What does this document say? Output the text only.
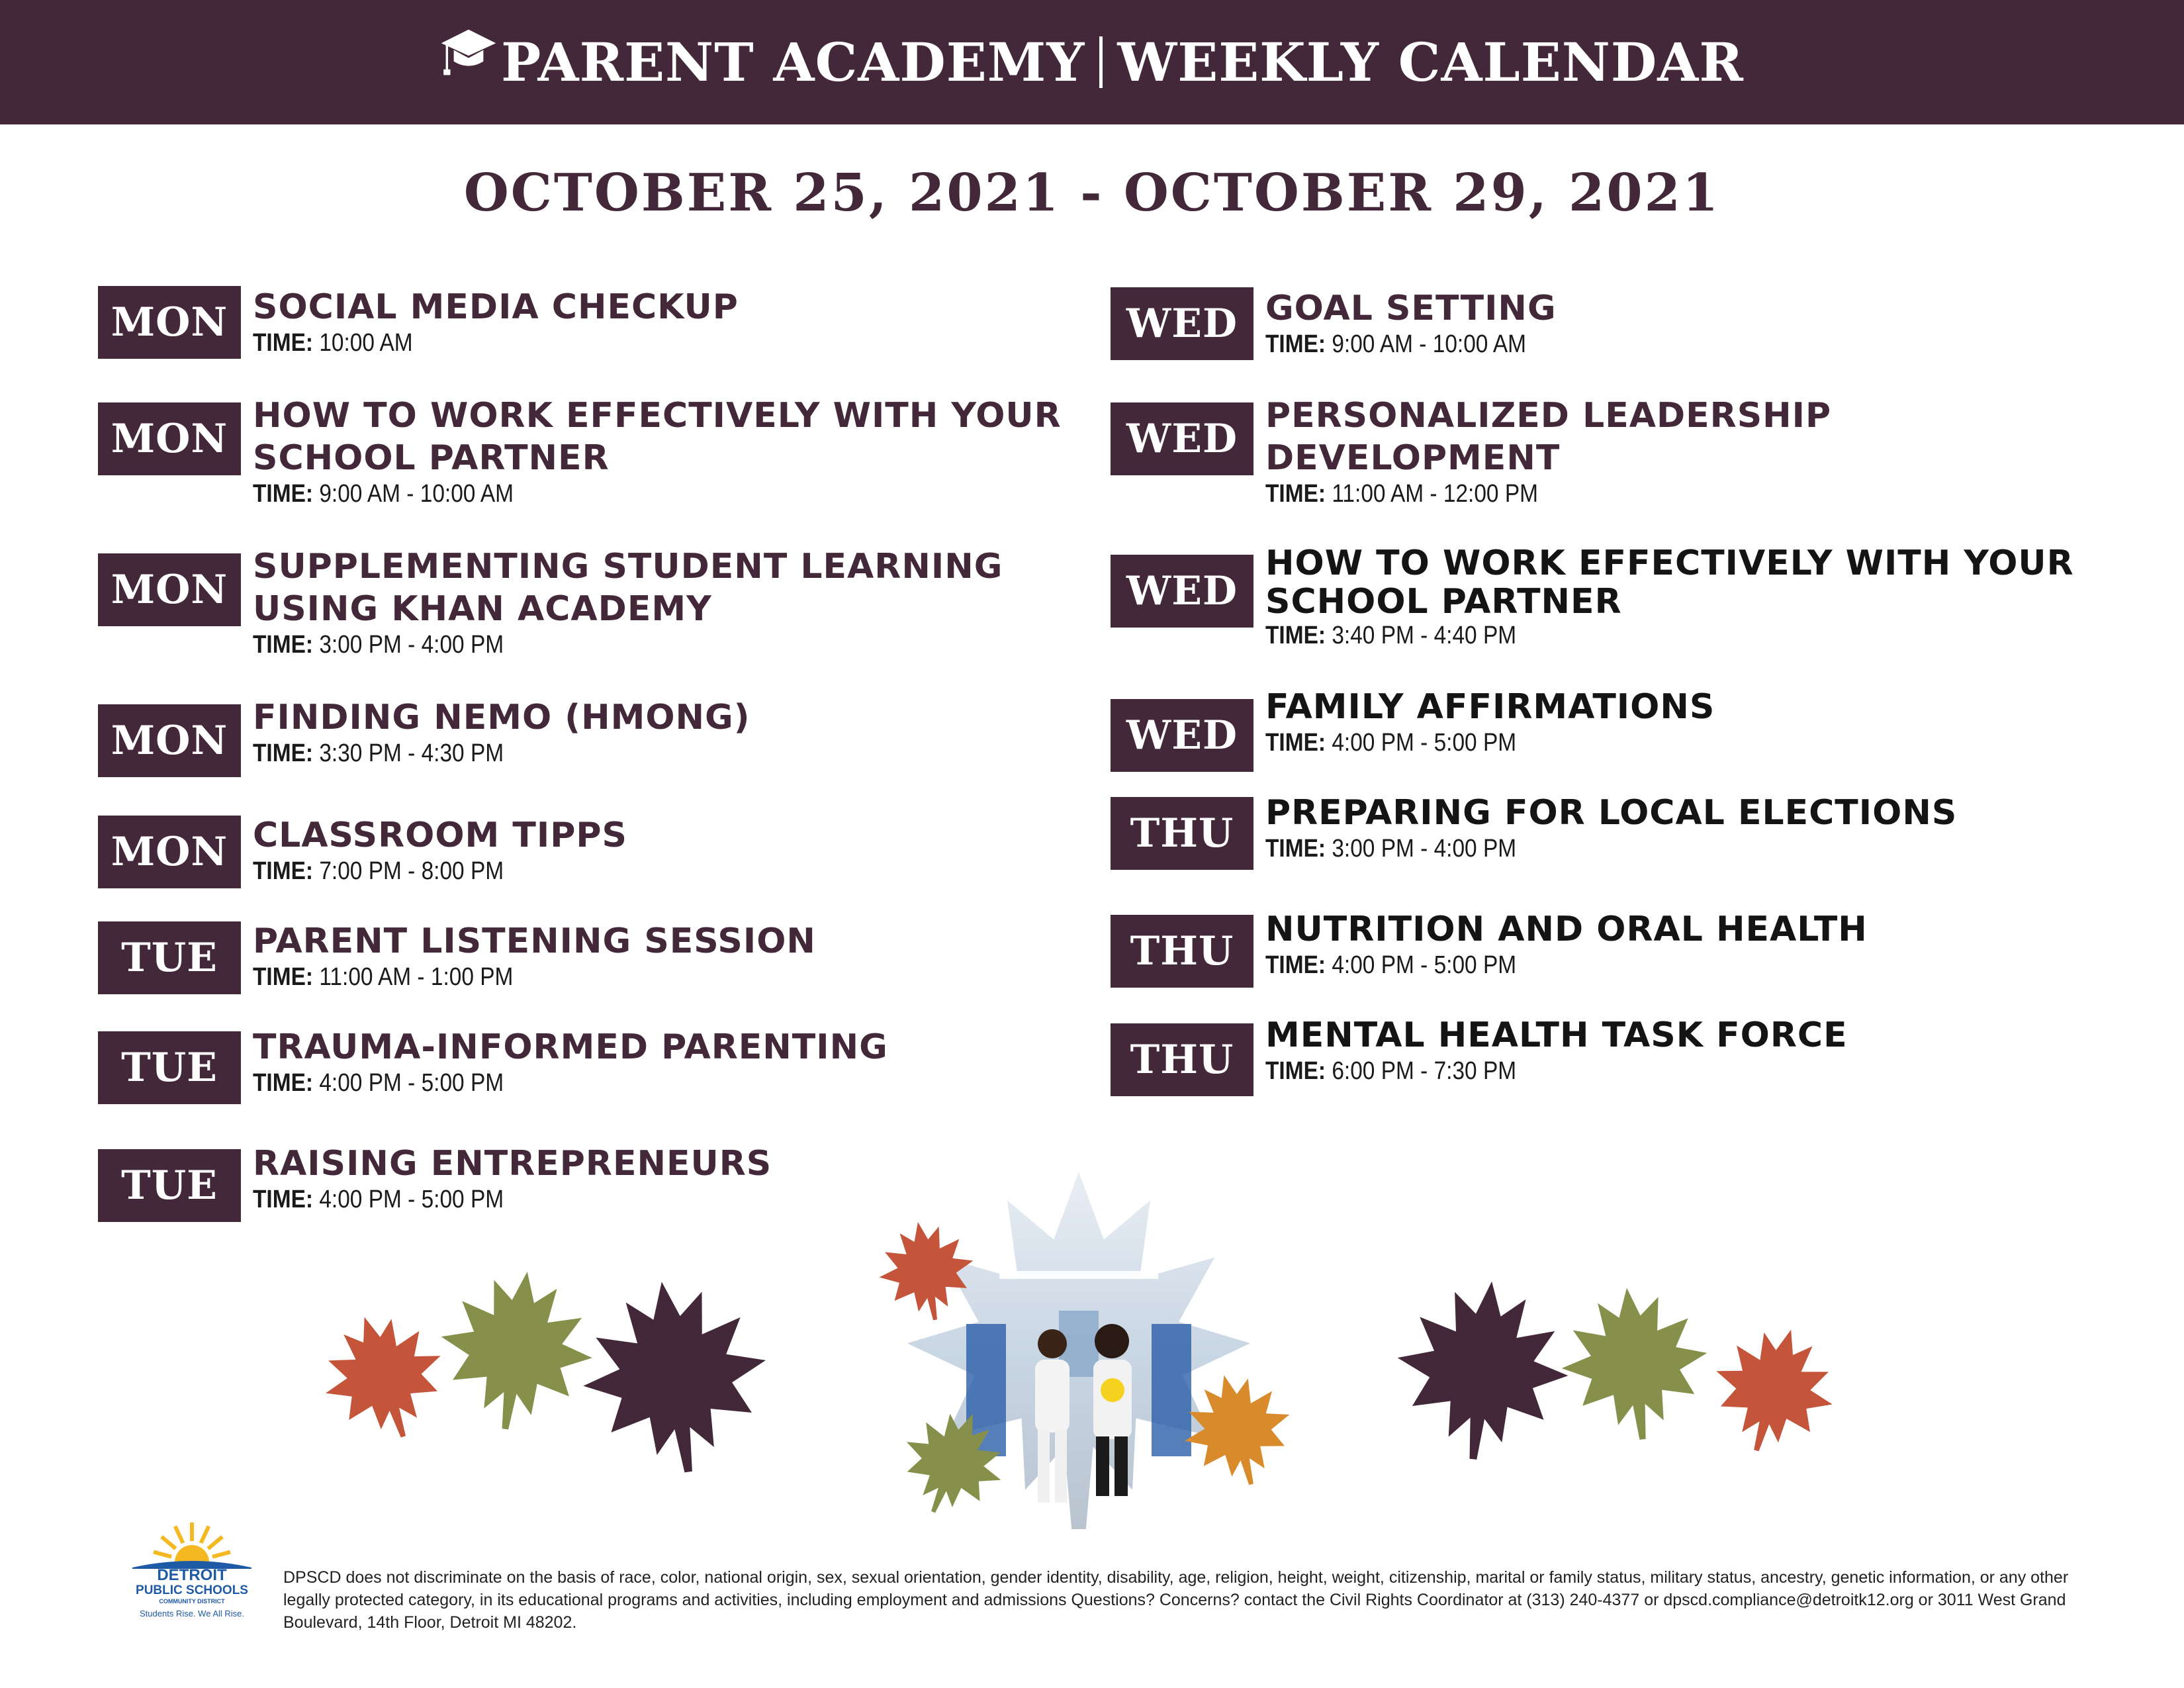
PARENT ACADEMY WEEKLY CALENDAR
OCTOBER 25, 2021 - OCTOBER 29, 2021
MON SOCIAL MEDIA CHECKUP
TIME: 10:00 AM
MON HOW TO WORK EFFECTIVELY WITH YOUR
SCHOOL PARTNER
TIME: 9:00 AM - 10:00 AM
MON SUPPLEMENTING STUDENT LEARNING
USING KHAN ACADEMY
TIME: 3:00 PM - 4:00 PM
MON FINDING NEMO (HMONG)
TIME: 3:30 PM - 4:30 PM
MON CLASSROOM TIPPS
TIME: 7:00 PM - 8:00 PM
TUE	PARENT LISTENING SESSION
TIME: 11:00 AM - 1:00 PM
TUE	TRAUMA-INFORMED PARENTING
TIME: 4:00 PM - 5:00 PM
TUE	RAISING ENTREPRENEURS
TIME: 4:00 PM - 5:00 PM
WED GOAL SETTING
TIME: 9:00 AM - 10:00 AM
WED PERSONALIZED LEADERSHIP
DEVELOPMENT
TIME: 11:00 AM - 12:00 PM
WED
HOW TO WORK EFFECTIVELY WITH YOUR
SCHOOL PARTNER
TIME: 3:40 PM - 4:40 PM
WED
FAMILY AFFIRMATIONS
TIME: 4:00 PM - 5:00 PM
THU PREPARING FOR LOCAL ELECTIONS
TIME: 3:00 PM - 4:00 PM
THU NUTRITION AND ORAL HEALTH
TIME: 4:00 PM - 5:00 PM
THU
MENTAL HEALTH TASK FORCE
TIME: 6:00 PM - 7:30 PM
DETROIT
PUBLIC SCHOOLS
COMMUNITY DISTRICT
Students Rise. We All Rise.
DPSCD does not discriminate on the basis of race, color, national origin, sex, sexual orientation, gender identity, disability, age, religion, height, weight, citizenship, marital or family status, military status, ancestry, genetic information, or any other legally protected category, in its educational programs and activities, including employment and admissions Questions? Concerns? contact the Civil Rights Coordinator at (313) 240-4377 or dpscd.compliance@detroitk12.org or 3011 West Grand Boulevard, 14th Floor, Detroit MI 48202.
